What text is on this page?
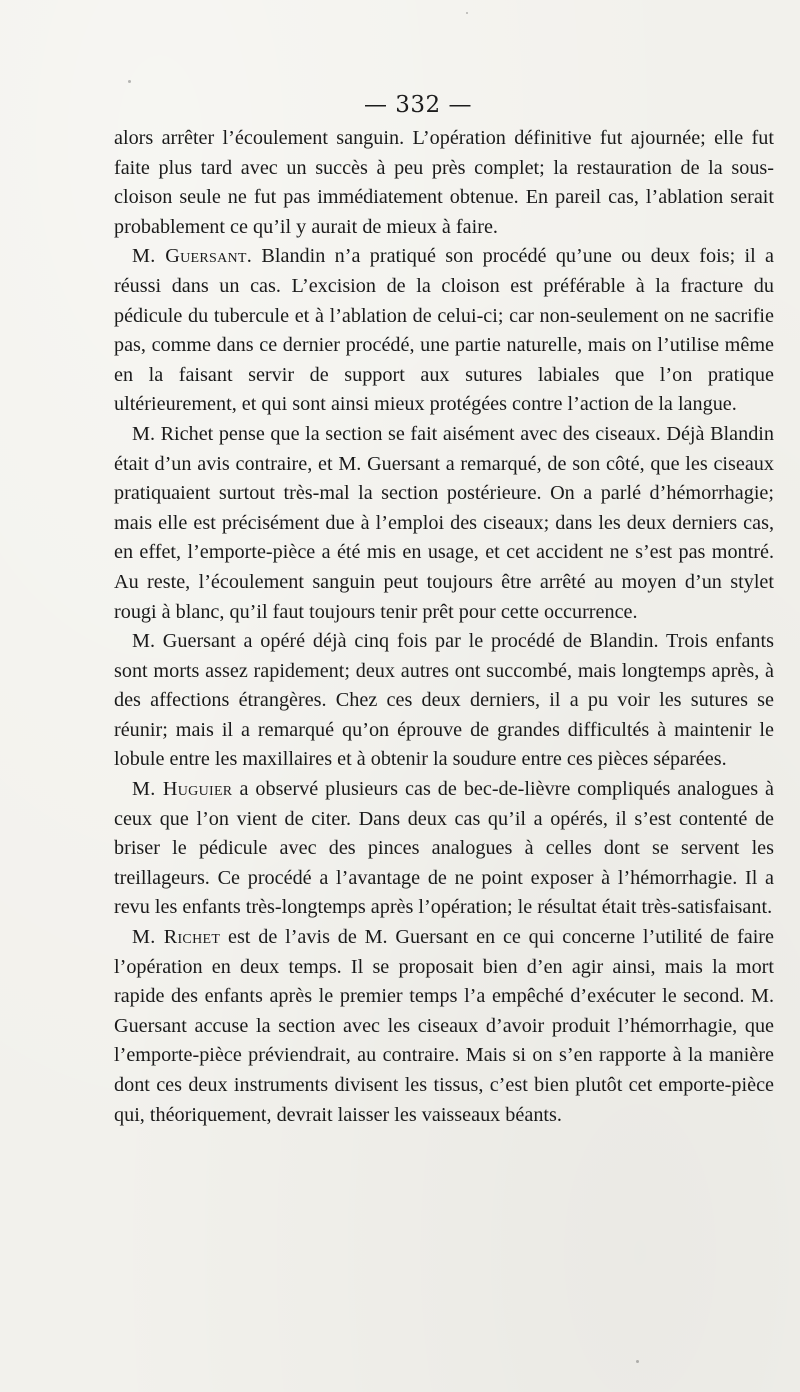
— 332 —

alors arrêter l’écoulement sanguin. L’opération définitive fut ajournée; elle fut faite plus tard avec un succès à peu près complet; la restauration de la sous-cloison seule ne fut pas immédiatement obtenue. En pareil cas, l’ablation serait probablement ce qu’il y aurait de mieux à faire.

M. Guersant. Blandin n’a pratiqué son procédé qu’une ou deux fois; il a réussi dans un cas. L’excision de la cloison est préférable à la fracture du pédicule du tubercule et à l’ablation de celui-ci; car non-seulement on ne sacrifie pas, comme dans ce dernier procédé, une partie naturelle, mais on l’utilise même en la faisant servir de support aux sutures labiales que l’on pratique ultérieurement, et qui sont ainsi mieux protégées contre l’action de la langue.

M. Richet pense que la section se fait aisément avec des ciseaux. Déjà Blandin était d’un avis contraire, et M. Guersant a remarqué, de son côté, que les ciseaux pratiquaient surtout très-mal la section postérieure. On a parlé d’hémorrhagie; mais elle est précisément due à l’emploi des ciseaux; dans les deux derniers cas, en effet, l’emporte-pièce a été mis en usage, et cet accident ne s’est pas montré. Au reste, l’écoulement sanguin peut toujours être arrêté au moyen d’un stylet rougi à blanc, qu’il faut toujours tenir prêt pour cette occurrence.

M. Guersant a opéré déjà cinq fois par le procédé de Blandin. Trois enfants sont morts assez rapidement; deux autres ont succombé, mais longtemps après, à des affections étrangères. Chez ces deux derniers, il a pu voir les sutures se réunir; mais il a remarqué qu’on éprouve de grandes difficultés à maintenir le lobule entre les maxillaires et à obtenir la soudure entre ces pièces séparées.

M. Huguier a observé plusieurs cas de bec-de-lièvre compliqués analogues à ceux que l’on vient de citer. Dans deux cas qu’il a opérés, il s’est contenté de briser le pédicule avec des pinces analogues à celles dont se servent les treillageurs. Ce procédé a l’avantage de ne point exposer à l’hémorrhagie. Il a revu les enfants très-longtemps après l’opération; le résultat était très-satisfaisant.

M. Richet est de l’avis de M. Guersant en ce qui concerne l’utilité de faire l’opération en deux temps. Il se proposait bien d’en agir ainsi, mais la mort rapide des enfants après le premier temps l’a empêché d’exécuter le second. M. Guersant accuse la section avec les ciseaux d’avoir produit l’hémorrhagie, que l’emporte-pièce préviendrait, au contraire. Mais si on s’en rapporte à la manière dont ces deux instruments divisent les tissus, c’est bien plutôt cet emporte-pièce qui, théoriquement, devrait laisser les vaisseaux béants.
